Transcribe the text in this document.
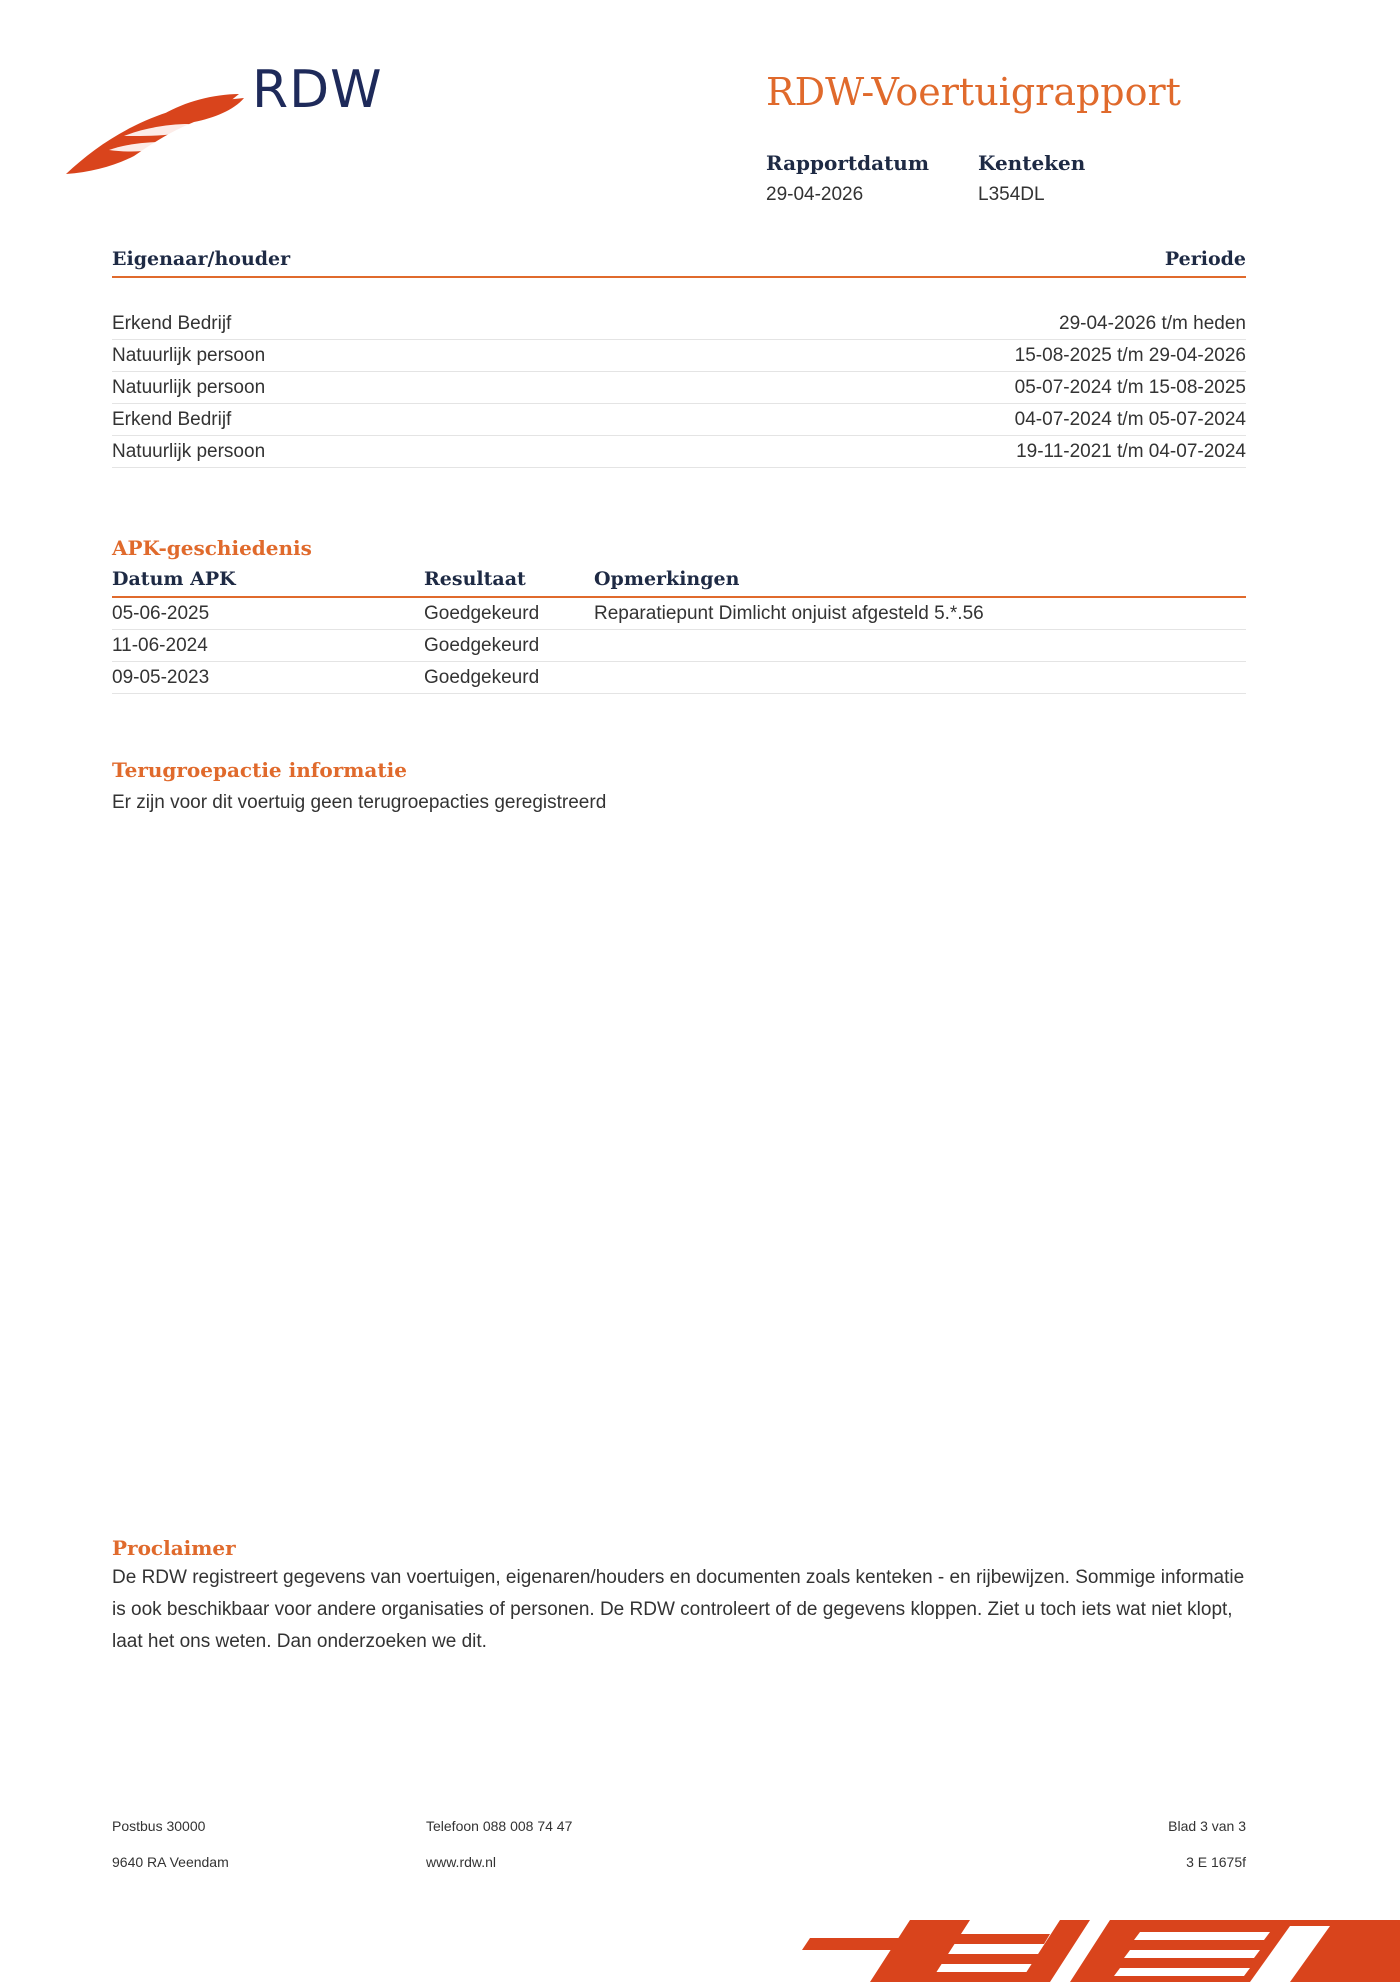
RDW	RDW-Voertuigrapport
Rapportdatum
29-04-2026
Kenteken
L354DL
Eigenaar/houder	Periode

Erkend Bedrijf	29-04-2026 t/m heden
Natuurlijk persoon	15-08-2025 t/m 29-04-2026
Natuurlijk persoon	05-07-2024 t/m 15-08-2025
Erkend Bedrijf	04-07-2024 t/m 05-07-2024
Natuurlijk persoon	19-11-2021 t/m 04-07-2024
APK-geschiedenis
Datum APK	Resultaat	Opmerkingen
05-06-2025	Goedgekeurd	Reparatiepunt Dimlicht onjuist afgesteld 5.*.56
11-06-2024	Goedgekeurd	
09-05-2023	Goedgekeurd	
Terugroepactie informatie
Er zijn voor dit voertuig geen terugroepacties geregistreerd
Proclaimer
De RDW registreert gegevens van voertuigen, eigenaren/houders en documenten zoals kenteken - en rijbewijzen. Sommige informatie is ook beschikbaar voor andere organisaties of personen. De RDW controleert of de gegevens kloppen. Ziet u toch iets wat niet klopt, laat het ons weten. Dan onderzoeken we dit.
Postbus 30000
9640 RA Veendam
Telefoon 088 008 74 47
www.rdw.nl
Blad 3 van 3
3 E 1675f
